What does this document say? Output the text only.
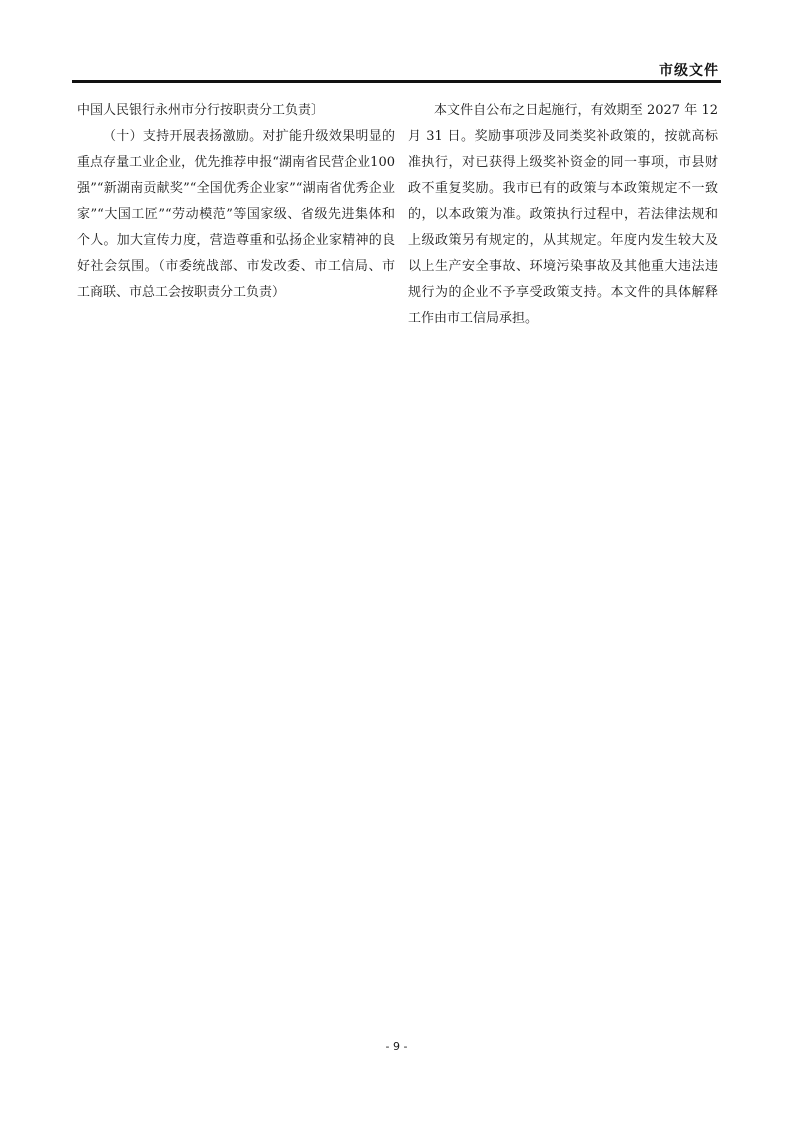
市级文件

中国人民银行永州市分行按职责分工负责〕

（十）支持开展表扬激励。对扩能升级效果明显的重点存量工业企业，优先推荐申报“湖南省民营企业100强”“新湖南贡献奖”“全国优秀企业家”“湖南省优秀企业家”“大国工匠”“劳动模范”等国家级、省级先进集体和个人。加大宣传力度，营造尊重和弘扬企业家精神的良好社会氛围。（市委统战部、市发改委、市工信局、市工商联、市总工会按职责分工负责）

本文件自公布之日起施行，有效期至 2027 年 12 月 31 日。奖励事项涉及同类奖补政策的，按就高标准执行，对已获得上级奖补资金的同一事项，市县财政不重复奖励。我市已有的政策与本政策规定不一致的，以本政策为准。政策执行过程中，若法律法规和上级政策另有规定的，从其规定。年度内发生较大及以上生产安全事故、环境污染事故及其他重大违法违规行为的企业不予享受政策支持。本文件的具体解释工作由市工信局承担。

- 9 -
